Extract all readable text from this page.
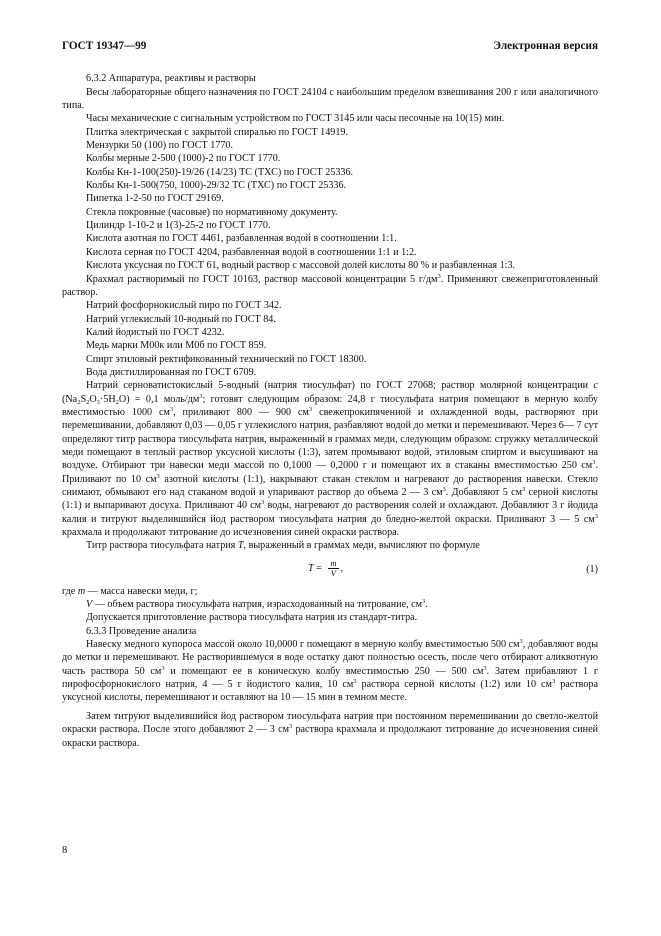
ГОСТ 19347—99	Электронная версия

6.3.2 Аппаратура, реактивы и растворы

Весы лабораторные общего назначения по ГОСТ 24104 с наибольшим пределом взвешивания 200 г или аналогичного типа.

Часы механические с сигнальным устройством по ГОСТ 3145 или часы песочные на 10(15) мин.

Плитка электрическая с закрытой спиралью по ГОСТ 14919.

Мензурки 50 (100) по ГОСТ 1770.

Колбы мерные 2-500 (1000)-2 по ГОСТ 1770.

Колбы Кн-1-100(250)-19/26 (14/23) ТС (ТХС) по ГОСТ 25336.

Колбы Кн-1-500(750, 1000)-29/32 ТС (ТХС) по ГОСТ 25336.

Пипетка 1-2-50 по ГОСТ 29169.

Стекла покровные (часовые) по нормативному документу.

Цилиндр 1-10-2 и 1(3)-25-2 по ГОСТ 1770.

Кислота азотная по ГОСТ 4461, разбавленная водой в соотношении 1:1.

Кислота серная по ГОСТ 4204, разбавленная водой в соотношении 1:1 и 1:2.

Кислота уксусная по ГОСТ 61, водный раствор с массовой долей кислоты 80 % и разбавленная 1:3.

Крахмал растворимый по ГОСТ 10163, раствор массовой концентрации 5 $г/дм^3$. Применяют свежеприготовленный раствор.

Натрий фосфорнокислый пиро по ГОСТ 342.

Натрий углекислый 10-водный по ГОСТ 84.

Калий йодистый по ГОСТ 4232.

Медь марки М00к или М0б по ГОСТ 859.

Спирт этиловый ректификованный технический по ГОСТ 18300.

Вода дистиллированная по ГОСТ 6709.

Натрий серноватистокислый 5-водный (натрия тиосульфат) по ГОСТ 27068; раствор молярной концентрации c $(Na_2S_2O_3\cdot 5H_2O) = 0,1$ моль/$дм^3$; готовят следующим образом: 24,8 г тиосульфата натрия помещают в мерную колбу вместимостью 1000 $см^3$, приливают 800 — 900 $см^3$ свежепрокипяченной и охлажденной воды, растворяют при перемешивании, добавляют 0,03 — 0,05 г углекислого натрия, разбавляют водой до метки и перемешивают. Через 6— 7 сут определяют титр раствора тиосульфата натрия, выраженный в граммах меди, следующим образом: стружку металлической меди помещают в теплый раствор уксусной кислоты (1:3), затем промывают водой, этиловым спиртом и высушивают на воздухе. Отбирают три навески меди массой по 0,1000 — 0,2000 г и помещают их в стаканы вместимостью 250 $см^3$. Приливают по 10 $см^3$ азотной кислоты (1:1), накрывают стакан стеклом и нагревают до растворения навески. Стекло снимают, обмывают его над стаканом водой и упаривают раствор до объема 2 — 3 $см^3$. Добавляют 5 $см^3$ серной кислоты (1:1) и выпаривают досуха. Приливают 40 $см^3$ воды, нагревают до растворения солей и охлаждают. Добавляют 3 г йодида калия и титруют выделившийся йод раствором тиосульфата натрия до бледно-желтой окраски. Приливают 3 — 5 $см^3$ крахмала и продолжают титрование до исчезновения синей окраски раствора.

Титр раствора тиосульфата натрия T, выраженный в граммах меди, вычисляют по формуле

$T = \frac{m}{V}$ ,	(1)

где m — масса навески меди, г;

V — объем раствора тиосульфата натрия, израсходованный на титрование, $см^3$.

Допускается приготовление раствора тиосульфата натрия из стандарт-титра.

6.3.3 Проведение анализа

Навеску медного купороса массой около 10,0000 г помещают в мерную колбу вместимостью 500 $см^3$, добавляют воды до метки и перемешивают. Не растворившемуся в воде остатку дают полностью осесть, после чего отбирают аликвотную часть раствора 50 $см^3$ и помещают ее в коническую колбу вместимостью 250 — 500 $см^3$. Затем прибавляют 1 г пирофосфорнокислого натрия, 4 — 5 г йодистого калия, 10 $см^3$ раствора серной кислоты (1:2) или 10 $см^3$ раствора уксусной кислоты, перемешивают и оставляют на 10 — 15 мин в темном месте.

Затем титруют выделившийся йод раствором тиосульфата натрия при постоянном перемешивании до светло-желтой окраски раствора. После этого добавляют 2 — 3 $см^3$ раствора крахмала и продолжают титрование до исчезновения синей окраски раствора.

8
